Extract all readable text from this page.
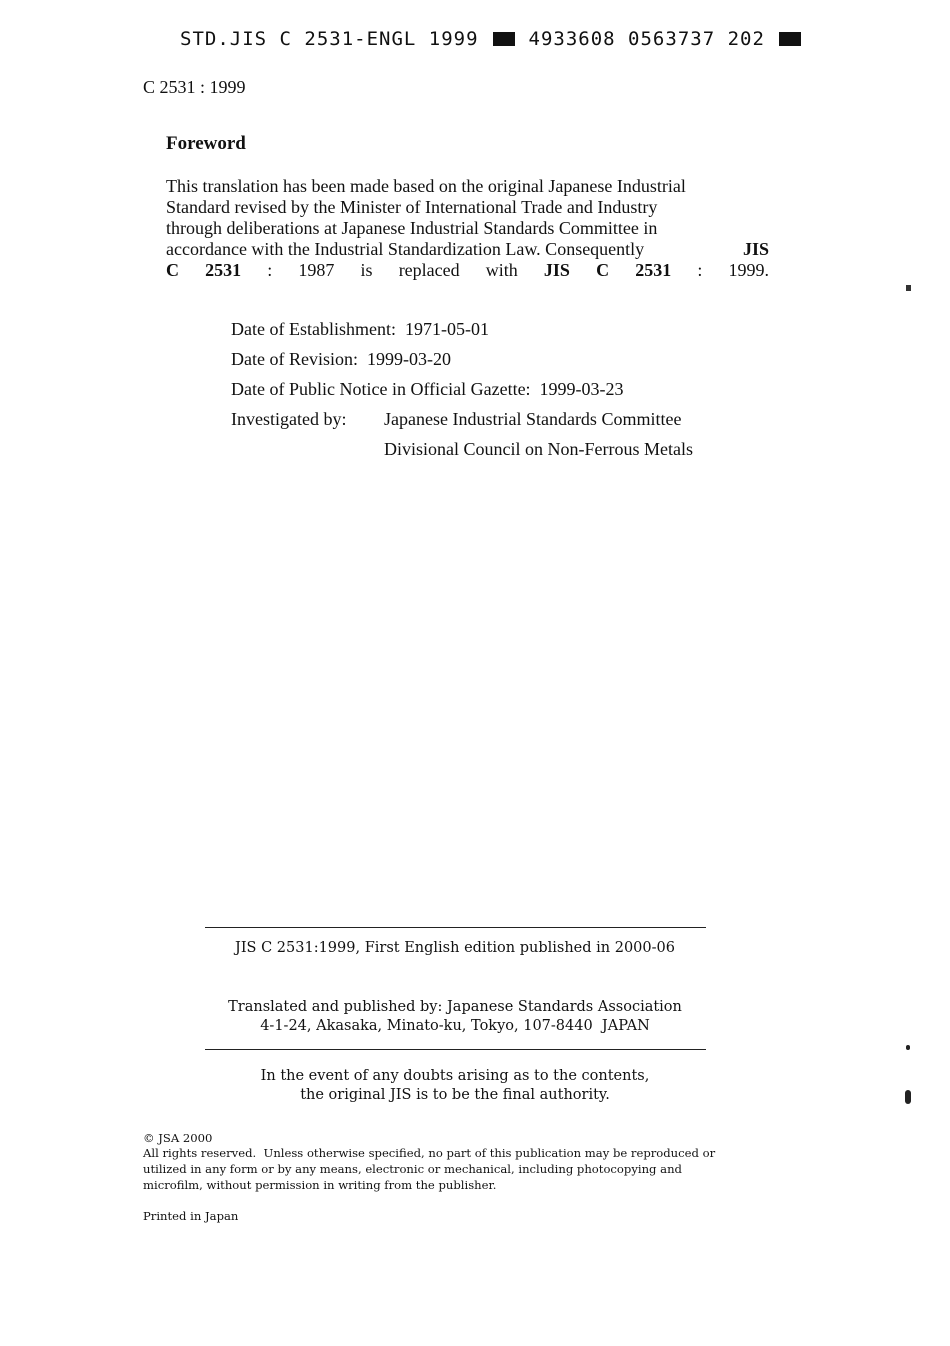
STD.JIS C 2531-ENGL 1999	4933608 0563737 202
C 2531 : 1999
Foreword
This translation has been made based on the original Japanese Industrial
Standard revised by the Minister of International Trade and Industry
through deliberations at Japanese Industrial Standards Committee in
accordance with the Industrial Standardization Law. Consequently	JIS
C 2531 : 1987 is replaced with JIS C 2531 : 1999.
Date of Establishment:  1971-05-01
Date of Revision:  1999-03-20
Date of Public Notice in Official Gazette:  1999-03-23
Investigated by: Japanese Industrial Standards Committee
Divisional Council on Non-Ferrous Metals
JIS C 2531:1999, First English edition published in 2000-06
Translated and published by: Japanese Standards Association
4-1-24, Akasaka, Minato-ku, Tokyo, 107-8440  JAPAN
In the event of any doubts arising as to the contents,
the original JIS is to be the final authority.
© JSA 2000
All rights reserved.  Unless otherwise specified, no part of this publication may be reproduced or
utilized in any form or by any means, electronic or mechanical, including photocopying and
microfilm, without permission in writing from the publisher.
Printed in Japan
